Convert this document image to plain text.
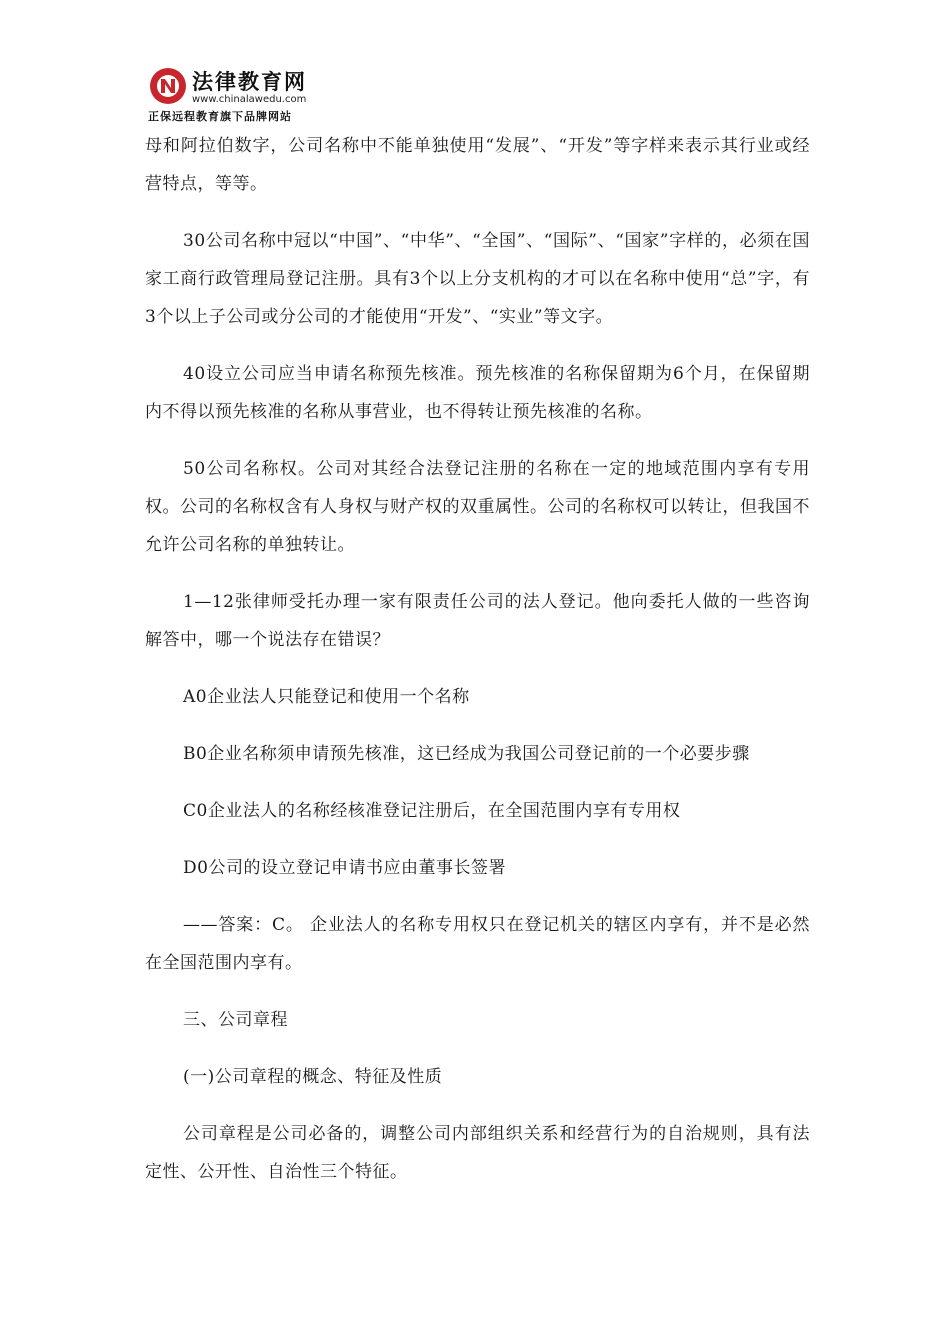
法律教育网
www.chinalawedu.com
正保远程教育旗下品牌网站

母和阿拉伯数字，公司名称中不能单独使用“发展”、“开发”等字样来表示其行业或经营特点，等等。

30公司名称中冠以“中国”、“中华”、“全国”、“国际”、“国家”字样的，必须在国家工商行政管理局登记注册。具有3个以上分支机构的才可以在名称中使用“总”字，有3个以上子公司或分公司的才能使用“开发”、“实业”等文字。

40设立公司应当申请名称预先核准。预先核准的名称保留期为6个月，在保留期内不得以预先核准的名称从事营业，也不得转让预先核准的名称。

50公司名称权。公司对其经合法登记注册的名称在一定的地域范围内享有专用权。公司的名称权含有人身权与财产权的双重属性。公司的名称权可以转让，但我国不允许公司名称的单独转让。

1—12张律师受托办理一家有限责任公司的法人登记。他向委托人做的一些咨询解答中，哪一个说法存在错误？

A0企业法人只能登记和使用一个名称

B0企业名称须申请预先核准，这已经成为我国公司登记前的一个必要步骤

C0企业法人的名称经核准登记注册后，在全国范围内享有专用权

D0公司的设立登记申请书应由董事长签署

——答案：C。 企业法人的名称专用权只在登记机关的辖区内享有，并不是必然在全国范围内享有。

三、公司章程

(一)公司章程的概念、特征及性质

公司章程是公司必备的，调整公司内部组织关系和经营行为的自治规则，具有法定性、公开性、自治性三个特征。
